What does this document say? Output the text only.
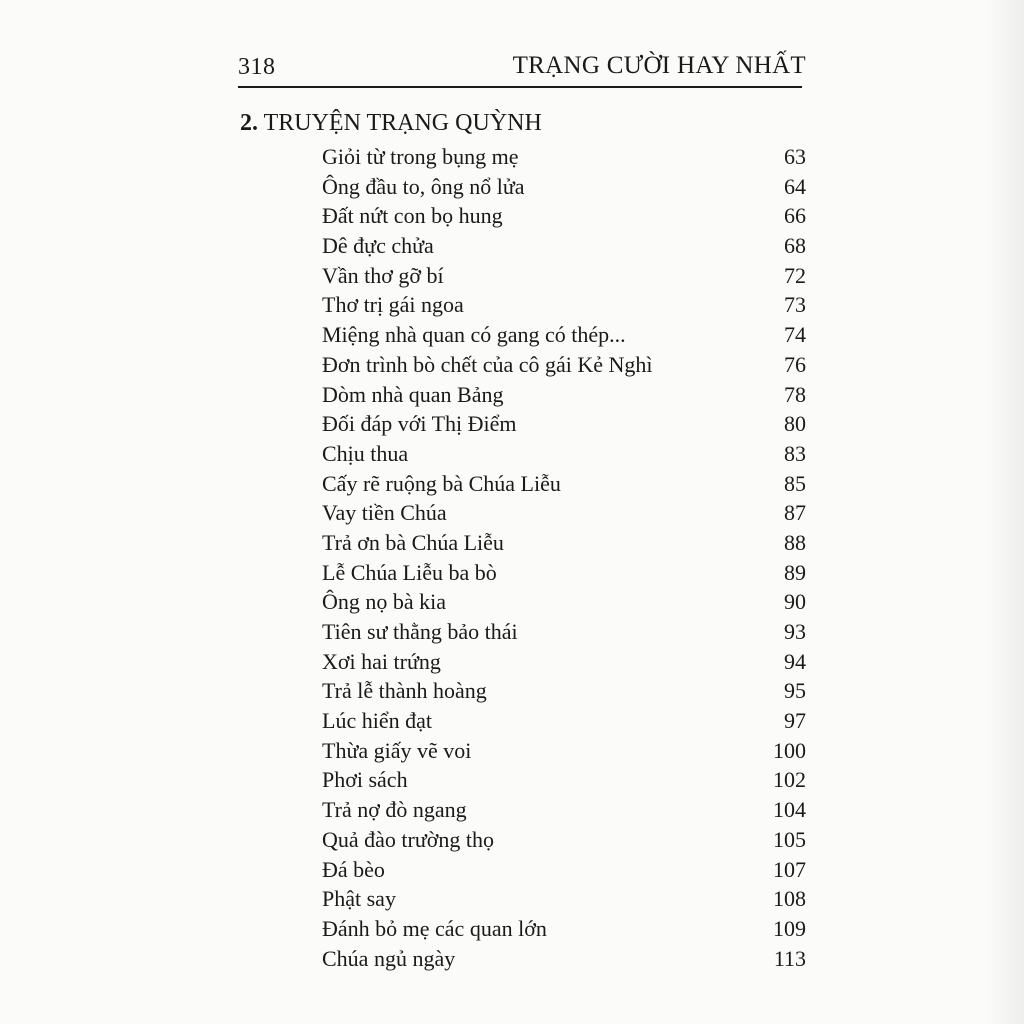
318	TRẠNG CƯỜI HAY NHẤT
2. TRUYỆN TRẠNG QUỲNH
Giỏi từ trong bụng mẹ	63
Ông đầu to, ông nổ lửa	64
Đất nứt con bọ hung	66
Dê đực chửa	68
Vần thơ gỡ bí	72
Thơ trị gái ngoa	73
Miệng nhà quan có gang có thép...	74
Đơn trình bò chết của cô gái Kẻ Nghì	76
Dòm nhà quan Bảng	78
Đối đáp với Thị Điểm	80
Chịu thua	83
Cấy rẽ ruộng bà Chúa Liễu	85
Vay tiền Chúa	87
Trả ơn bà Chúa Liễu	88
Lễ Chúa Liễu ba bò	89
Ông nọ bà kia	90
Tiên sư thằng bảo thái	93
Xơi hai trứng	94
Trả lễ thành hoàng	95
Lúc hiển đạt	97
Thừa giấy vẽ voi	100
Phơi sách	102
Trả nợ đò ngang	104
Quả đào trường thọ	105
Đá bèo	107
Phật say	108
Đánh bỏ mẹ các quan lớn	109
Chúa ngủ ngày	113
